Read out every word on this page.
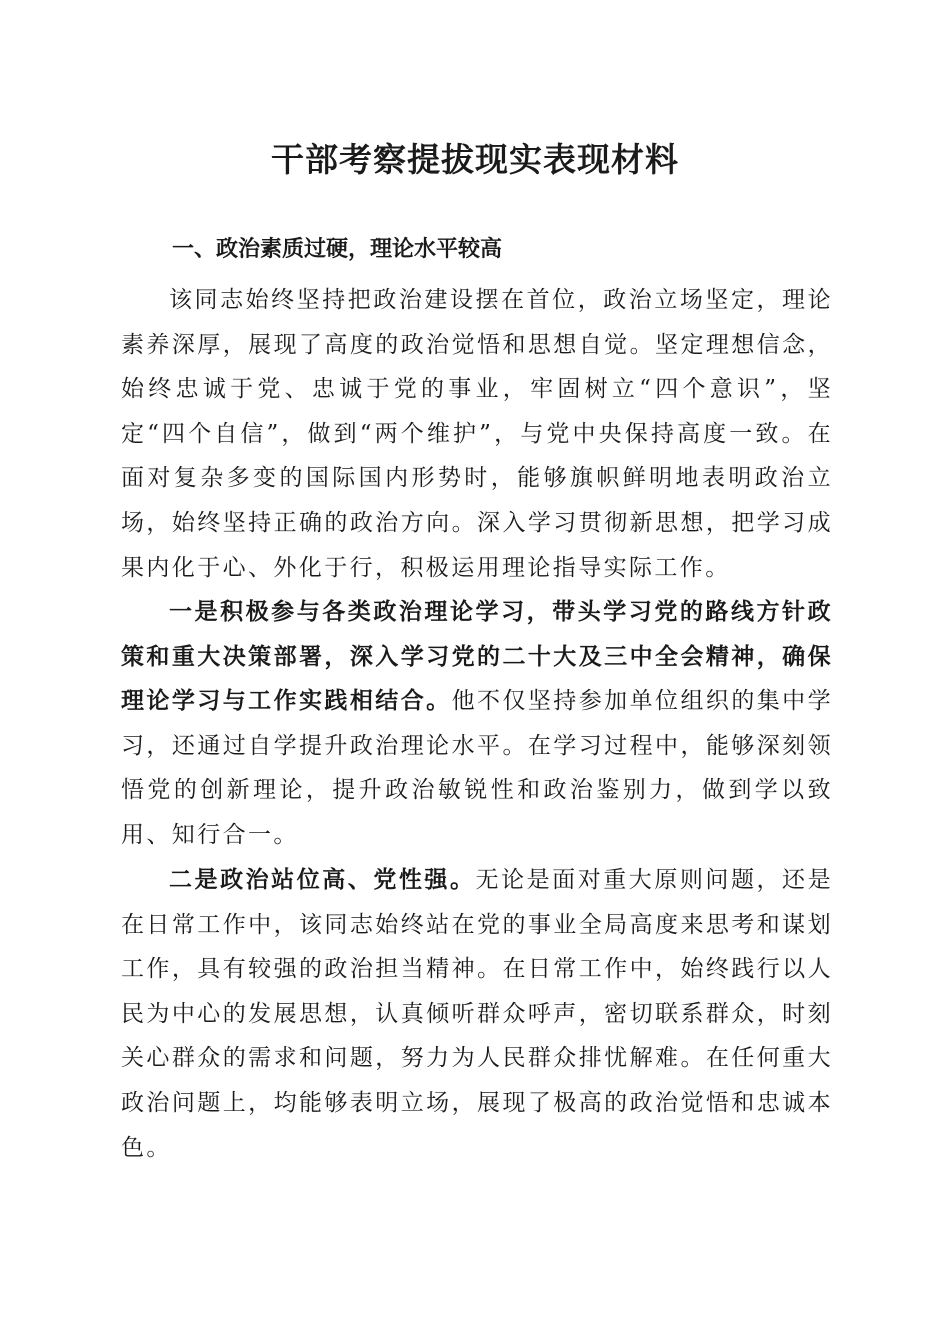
干部考察提拔现实表现材料
一、政治素质过硬，理论水平较高

该同志始终坚持把政治建设摆在首位，政治立场坚定，理论素养深厚，展现了高度的政治觉悟和思想自觉。坚定理想信念，始终忠诚于党、忠诚于党的事业，牢固树立“四个意识”，坚定“四个自信”，做到“两个维护”，与党中央保持高度一致。在面对复杂多变的国际国内形势时，能够旗帜鲜明地表明政治立场，始终坚持正确的政治方向。深入学习贯彻新思想，把学习成果内化于心、外化于行，积极运用理论指导实际工作。

一是积极参与各类政治理论学习，带头学习党的路线方针政策和重大决策部署，深入学习党的二十大及三中全会精神，确保理论学习与工作实践相结合。他不仅坚持参加单位组织的集中学习，还通过自学提升政治理论水平。在学习过程中，能够深刻领悟党的创新理论，提升政治敏锐性和政治鉴别力，做到学以致用、知行合一。

二是政治站位高、党性强。无论是面对重大原则问题，还是在日常工作中，该同志始终站在党的事业全局高度来思考和谋划工作，具有较强的政治担当精神。在日常工作中，始终践行以人民为中心的发展思想，认真倾听群众呼声，密切联系群众，时刻关心群众的需求和问题，努力为人民群众排忧解难。在任何重大政治问题上，均能够表明立场，展现了极高的政治觉悟和忠诚本色。
